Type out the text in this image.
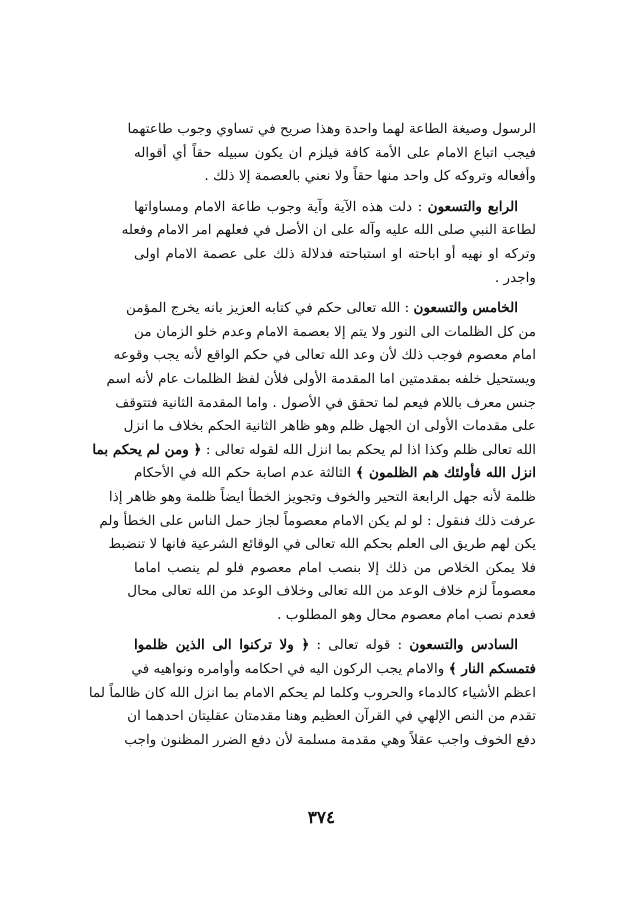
الرسول وصيغة الطاعة لهما واحدة وهذا صريح في تساوي وجوب طاعتهما
فيجب اتباع الامام على الأمة كافة فيلزم ان يكون سبيله حقاً أي أقواله
وأفعاله وتروكه كل واحد منها حقاً ولا نعني بالعصمة إلا ذلك .
الرابع والتسعون : دلت هذه الآية وآية وجوب طاعة الامام ومساواتها
لطاعة النبي صلى الله عليه وآله على ان الأصل في فعلهم امر الامام وفعله
وتركه او نهيه أو اباحته او استباحته فدلالة ذلك على عصمة الامام اولى
واجدر .
الخامس والتسعون : الله تعالى حكم في كتابه العزيز بانه يخرج المؤمن
من كل الظلمات الى النور ولا يتم إلا بعصمة الامام وعدم خلو الزمان من
امام معصوم فوجب ذلك لأن وعد الله تعالى في حكم الواقع لأنه يجب وقوعه
ويستحيل خلفه بمقدمتين اما المقدمة الأولى فلأن لفظ الظلمات عام لأنه اسم
جنس معرف باللام فيعم لما تحقق في الأصول . واما المقدمة الثانية فتتوقف
على مقدمات الأولى ان الجهل ظلم وهو ظاهر الثانية الحكم بخلاف ما انزل
الله تعالى ظلم وكذا اذا لم يحكم بما انزل الله لقوله تعالى : ﴿ ومن لم يحكم بما
انزل الله فأولئك هم الظلمون ﴾ الثالثة عدم اصابة حكم الله في الأحكام
ظلمة لأنه جهل الرابعة التحير والخوف وتجويز الخطأ ايضاً ظلمة وهو ظاهر إذا
عرفت ذلك فنقول : لو لم يكن الامام معصوماً لجاز حمل الناس على الخطأ ولم
يكن لهم طريق الى العلم بحكم الله تعالى في الوقائع الشرعية فانها لا تنضبط
فلا يمكن الخلاص من ذلك إلا بنصب امام معصوم فلو لم ينصب اماما
معصوماً لزم خلاف الوعد من الله تعالى وخلاف الوعد من الله تعالى محال
فعدم نصب امام معصوم محال وهو المطلوب .
السادس والتسعون : قوله تعالى : ﴿ ولا تركنوا الى الذين ظلموا
فتمسكم النار ﴾ والامام يجب الركون اليه في احكامه وأوامره ونواهيه في
اعظم الأشياء كالدماء والحروب وكلما لم يحكم الامام بما انزل الله كان ظالماً لما
تقدم من النص الإلهي في القرآن العظيم وهنا مقدمتان عقليتان احدهما ان
دفع الخوف واجب عقلاً وهي مقدمة مسلمة لأن دفع الضرر المظنون واجب
٣٧٤
